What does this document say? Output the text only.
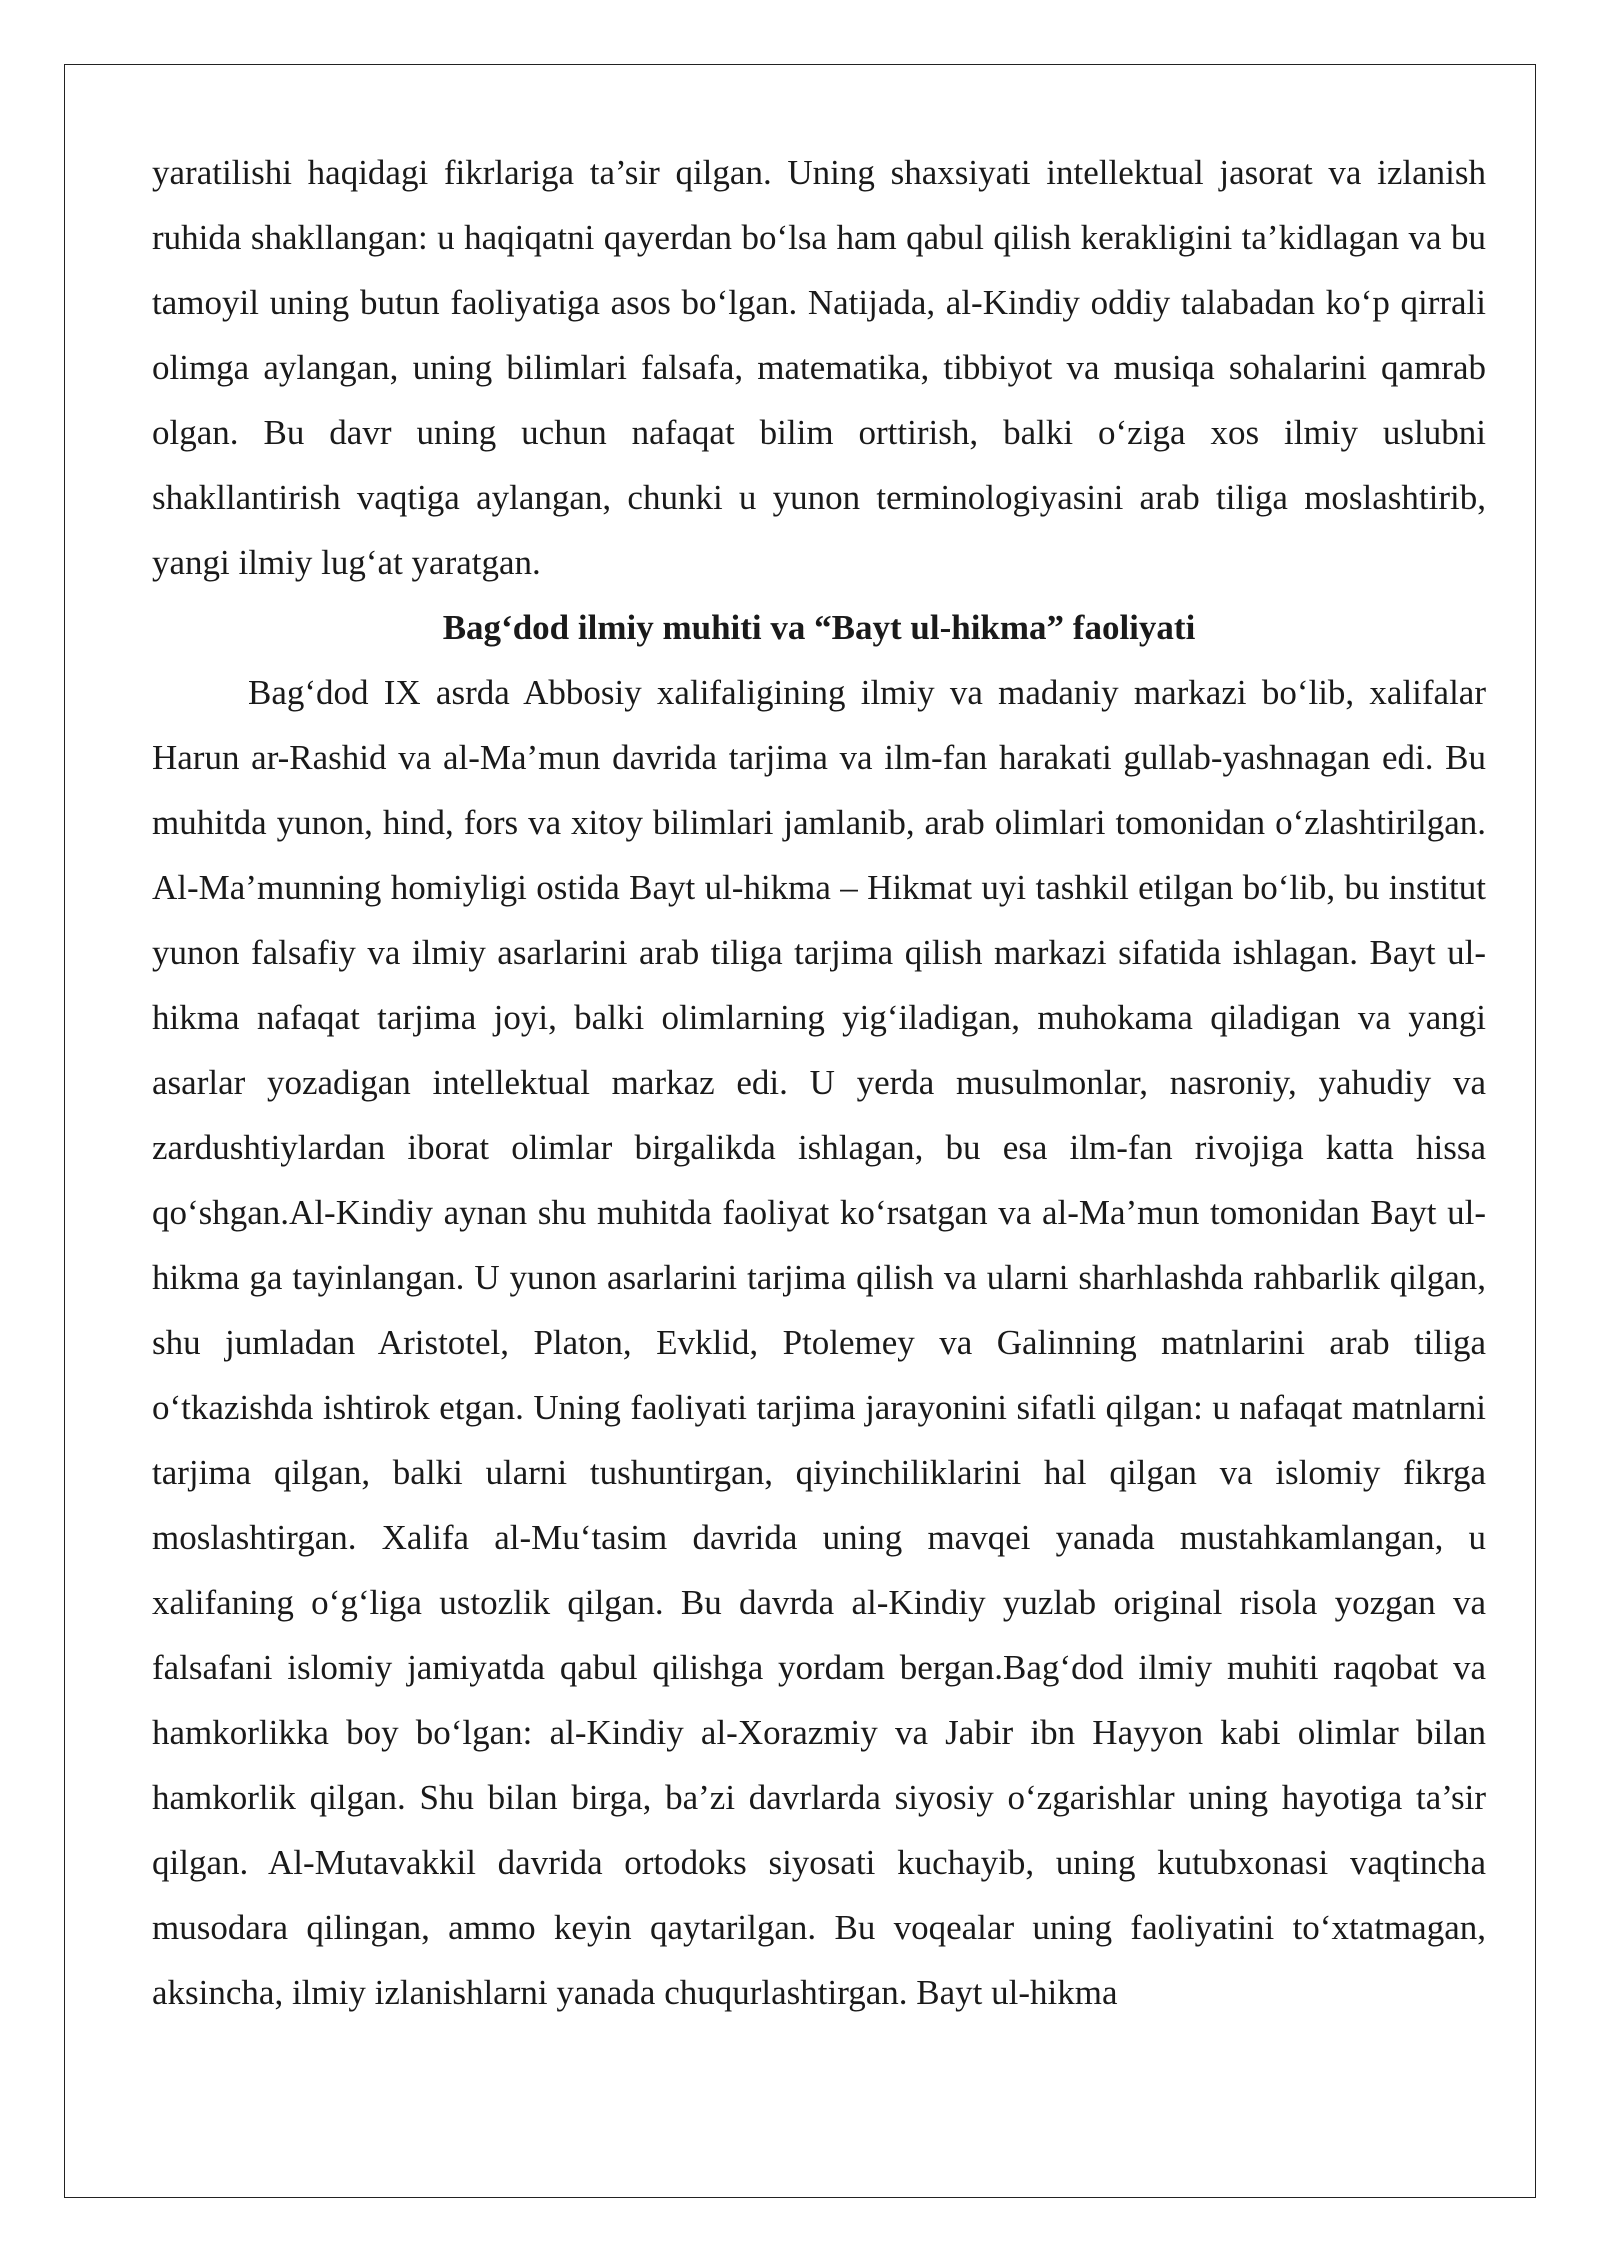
yaratilishi haqidagi fikrlariga ta’sir qilgan. Uning shaxsiyati intellektual jasorat va izlanish ruhida shakllangan: u haqiqatni qayerdan boʻlsa ham qabul qilish kerakligini ta’kidlagan va bu tamoyil uning butun faoliyatiga asos boʻlgan. Natijada, al-Kindiy oddiy talabadan koʻp qirrali olimga aylangan, uning bilimlari falsafa, matematika, tibbiyot va musiqa sohalarini qamrab olgan. Bu davr uning uchun nafaqat bilim orttirish, balki oʻziga xos ilmiy uslubni shakllantirish vaqtiga aylangan, chunki u yunon terminologiyasini arab tiliga moslashtirib, yangi ilmiy lugʻat yaratgan.

Bagʻdod ilmiy muhiti va “Bayt ul-hikma” faoliyati

Bagʻdod IX asrda Abbosiy xalifaligining ilmiy va madaniy markazi boʻlib, xalifalar Harun ar-Rashid va al-Ma’mun davrida tarjima va ilm-fan harakati gullab-yashnagan edi. Bu muhitda yunon, hind, fors va xitoy bilimlari jamlanib, arab olimlari tomonidan oʻzlashtirilgan. Al-Ma’munning homiyligi ostida Bayt ul-hikma – Hikmat uyi tashkil etilgan boʻlib, bu institut yunon falsafiy va ilmiy asarlarini arab tiliga tarjima qilish markazi sifatida ishlagan. Bayt ul-hikma nafaqat tarjima joyi, balki olimlarning yigʻiladigan, muhokama qiladigan va yangi asarlar yozadigan intellektual markaz edi. U yerda musulmonlar, nasroniy, yahudiy va zardushtiylardan iborat olimlar birgalikda ishlagan, bu esa ilm-fan rivojiga katta hissa qoʻshgan.Al-Kindiy aynan shu muhitda faoliyat koʻrsatgan va al-Ma’mun tomonidan Bayt ul-hikma ga tayinlangan. U yunon asarlarini tarjima qilish va ularni sharhlashda rahbarlik qilgan, shu jumladan Aristotel, Platon, Evklid, Ptolemey va Galinning matnlarini arab tiliga oʻtkazishda ishtirok etgan. Uning faoliyati tarjima jarayonini sifatli qilgan: u nafaqat matnlarni tarjima qilgan, balki ularni tushuntirgan, qiyinchiliklarini hal qilgan va islomiy fikrga moslashtirgan. Xalifa al-Muʻtasim davrida uning mavqei yanada mustahkamlangan, u xalifaning oʻgʻliga ustozlik qilgan. Bu davrda al-Kindiy yuzlab original risola yozgan va falsafani islomiy jamiyatda qabul qilishga yordam bergan.Bagʻdod ilmiy muhiti raqobat va hamkorlikka boy boʻlgan: al-Kindiy al-Xorazmiy va Jabir ibn Hayyon kabi olimlar bilan hamkorlik qilgan. Shu bilan birga, ba’zi davrlarda siyosiy oʻzgarishlar uning hayotiga ta’sir qilgan. Al-Mutavakkil davrida ortodoks siyosati kuchayib, uning kutubxonasi vaqtincha musodara qilingan, ammo keyin qaytarilgan. Bu voqealar uning faoliyatini toʻxtatmagan, aksincha, ilmiy izlanishlarni yanada chuqurlashtirgan. Bayt ul-hikma
